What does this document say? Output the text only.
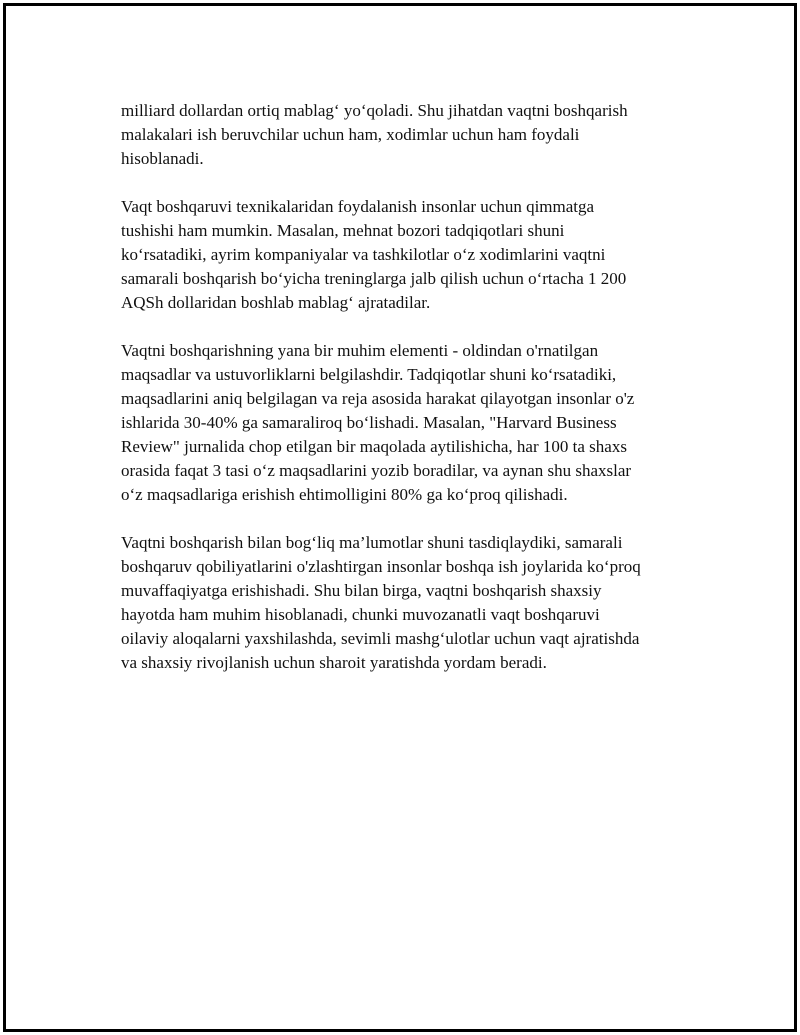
milliard dollardan ortiq mablag‘ yo‘qoladi. Shu jihatdan vaqtni boshqarish
malakalari ish beruvchilar uchun ham, xodimlar uchun ham foydali
hisoblanadi.

Vaqt boshqaruvi texnikalaridan foydalanish insonlar uchun qimmatga
tushishi ham mumkin. Masalan, mehnat bozori tadqiqotlari shuni
ko‘rsatadiki, ayrim kompaniyalar va tashkilotlar o‘z xodimlarini vaqtni
samarali boshqarish bo‘yicha treninglarga jalb qilish uchun o‘rtacha 1 200
AQSh dollaridan boshlab mablag‘ ajratadilar.

Vaqtni boshqarishning yana bir muhim elementi - oldindan o'rnatilgan
maqsadlar va ustuvorliklarni belgilashdir. Tadqiqotlar shuni ko‘rsatadiki,
maqsadlarini aniq belgilagan va reja asosida harakat qilayotgan insonlar o'z
ishlarida 30-40% ga samaraliroq bo‘lishadi. Masalan, "Harvard Business
Review" jurnalida chop etilgan bir maqolada aytilishicha, har 100 ta shaxs
orasida faqat 3 tasi o‘z maqsadlarini yozib boradilar, va aynan shu shaxslar
o‘z maqsadlariga erishish ehtimolligini 80% ga ko‘proq qilishadi.

Vaqtni boshqarish bilan bog‘liq ma’lumotlar shuni tasdiqlaydiki, samarali
boshqaruv qobiliyatlarini o'zlashtirgan insonlar boshqa ish joylarida ko‘proq
muvaffaqiyatga erishishadi. Shu bilan birga, vaqtni boshqarish shaxsiy
hayotda ham muhim hisoblanadi, chunki muvozanatli vaqt boshqaruvi
oilaviy aloqalarni yaxshilashda, sevimli mashg‘ulotlar uchun vaqt ajratishda
va shaxsiy rivojlanish uchun sharoit yaratishda yordam beradi.
